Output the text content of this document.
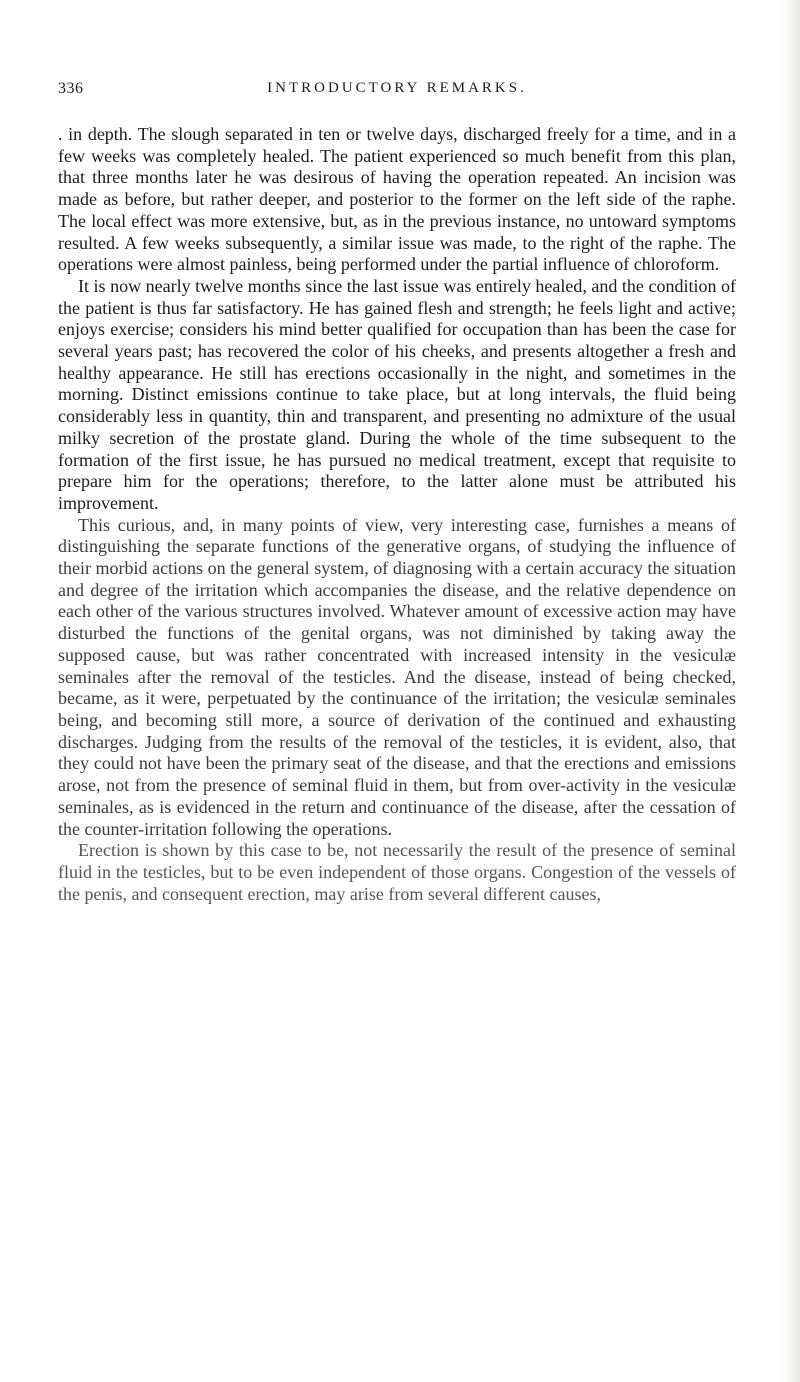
336	INTRODUCTORY REMARKS.

. in depth. The slough separated in ten or twelve days, discharged freely for a time, and in a few weeks was completely healed. The patient experienced so much benefit from this plan, that three months later he was desirous of having the operation repeated. An incision was made as before, but rather deeper, and posterior to the former on the left side of the raphe. The local effect was more extensive, but, as in the previous instance, no untoward symptoms resulted. A few weeks subsequently, a similar issue was made, to the right of the raphe. The operations were almost painless, being performed under the partial influence of chloroform.

It is now nearly twelve months since the last issue was entirely healed, and the condition of the patient is thus far satisfactory. He has gained flesh and strength; he feels light and active; enjoys exercise; considers his mind better qualified for occupation than has been the case for several years past; has recovered the color of his cheeks, and presents altogether a fresh and healthy appearance. He still has erections occasionally in the night, and sometimes in the morning. Distinct emissions continue to take place, but at long intervals, the fluid being considerably less in quantity, thin and transparent, and presenting no admixture of the usual milky secretion of the prostate gland. During the whole of the time subsequent to the formation of the first issue, he has pursued no medical treatment, except that requisite to prepare him for the operations; therefore, to the latter alone must be attributed his improvement.

This curious, and, in many points of view, very interesting case, furnishes a means of distinguishing the separate functions of the generative organs, of studying the influence of their morbid actions on the general system, of diagnosing with a certain accuracy the situation and degree of the irritation which accompanies the disease, and the relative dependence on each other of the various structures involved. Whatever amount of excessive action may have disturbed the functions of the genital organs, was not diminished by taking away the supposed cause, but was rather concentrated with increased intensity in the vesiculæ seminales after the removal of the testicles. And the disease, instead of being checked, became, as it were, perpetuated by the continuance of the irritation; the vesiculæ seminales being, and becoming still more, a source of derivation of the continued and exhausting discharges. Judging from the results of the removal of the testicles, it is evident, also, that they could not have been the primary seat of the disease, and that the erections and emissions arose, not from the presence of seminal fluid in them, but from over-activity in the vesiculæ seminales, as is evidenced in the return and continuance of the disease, after the cessation of the counter-irritation following the operations.

Erection is shown by this case to be, not necessarily the result of the presence of seminal fluid in the testicles, but to be even independent of those organs. Congestion of the vessels of the penis, and consequent erection, may arise from several different causes,
